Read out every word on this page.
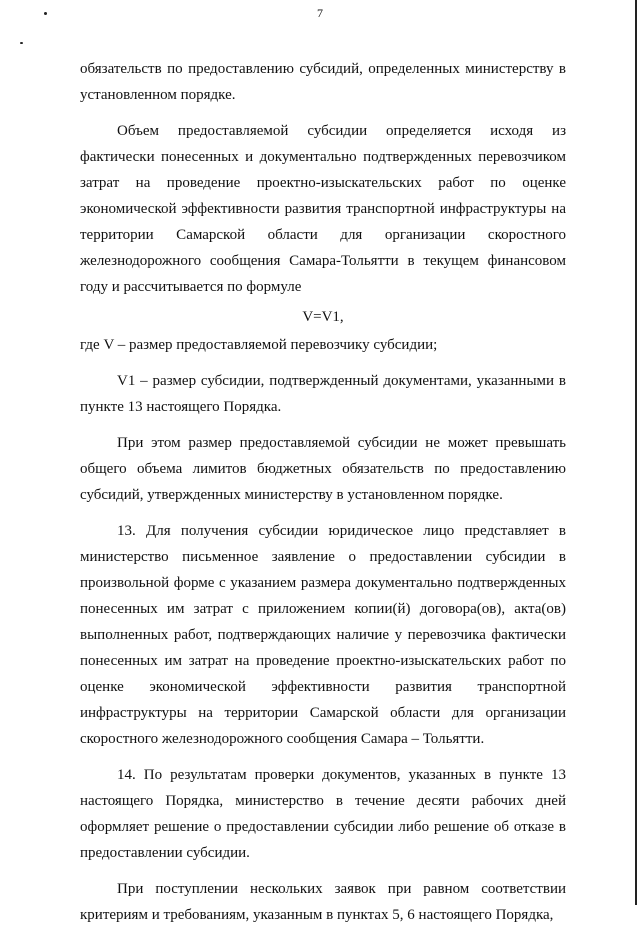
7

обязательств по предоставлению субсидий, определенных министерству в установленном порядке.

Объем предоставляемой субсидии определяется исходя из фактически понесенных и документально подтвержденных перевозчиком затрат на проведение проектно-изыскательских работ по оценке экономической эффективности развития транспортной инфраструктуры на территории Самарской области для организации скоростного железнодорожного сообщения Самара-Тольятти в текущем финансовом году и рассчитывается по формуле

V=V1,

где V – размер предоставляемой перевозчику субсидии;

V1 – размер субсидии, подтвержденный документами, указанными в пункте 13 настоящего Порядка.

При этом размер предоставляемой субсидии не может превышать общего объема лимитов бюджетных обязательств по предоставлению субсидий, утвержденных министерству в установленном порядке.

13. Для получения субсидии юридическое лицо представляет в министерство письменное заявление о предоставлении субсидии в произвольной форме с указанием размера документально подтвержденных понесенных им затрат с приложением копии(й) договора(ов), акта(ов) выполненных работ, подтверждающих наличие у перевозчика фактически понесенных им затрат на проведение проектно-изыскательских работ по оценке экономической эффективности развития транспортной инфраструктуры на территории Самарской области для организации скоростного железнодорожного сообщения Самара – Тольятти.

14. По результатам проверки документов, указанных в пункте 13 настоящего Порядка, министерство в течение десяти рабочих дней оформляет решение о предоставлении субсидии либо решение об отказе в предоставлении субсидии.

При поступлении нескольких заявок при равном соответствии критериям и требованиям, указанным в пунктах 5, 6 настоящего Порядка,
